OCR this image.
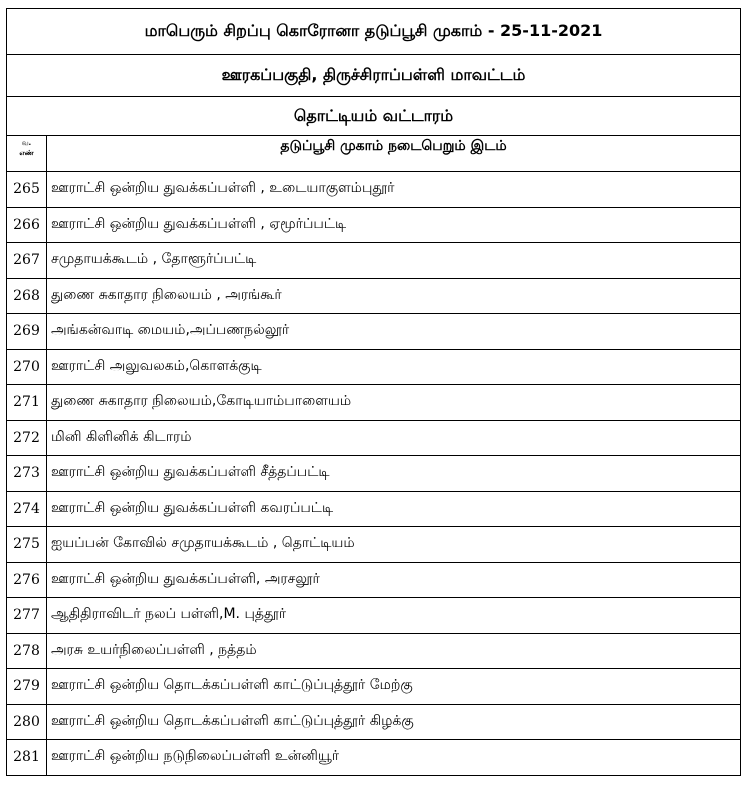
மாபெரும் சிறப்பு கொரோனா தடுப்பூசி முகாம் - 25-11-2021	
ஊரகப்பகுதி, திருச்சிராப்பள்ளி மாவட்டம்	
தொட்டியம் வட்டாரம்	

வ.
எண்	தடுப்பூசி முகாம் நடைபெறும் இடம்
265	ஊராட்சி ஒன்றிய துவக்கப்பள்ளி , உடையாகுளம்புதூர்
266	ஊராட்சி ஒன்றிய துவக்கப்பள்ளி , ஏமூர்ப்பட்டி
267	சமுதாயக்கூடம் , தோளூர்ப்பட்டி
268	துணை சுகாதார நிலையம் , அரங்கூர்
269	அங்கன்வாடி மையம்,அப்பணநல்லூர்
270	ஊராட்சி அலுவலகம்,கொளக்குடி
271	துணை சுகாதார நிலையம்,கோடியாம்பாளையம்
272	மினி கிளினிக் கிடாரம்
273	ஊராட்சி ஒன்றிய துவக்கப்பள்ளி சீத்தப்பட்டி
274	ஊராட்சி ஒன்றிய துவக்கப்பள்ளி கவரப்பட்டி
275	ஐயப்பன் கோவில் சமுதாயக்கூடம் , தொட்டியம்
276	ஊராட்சி ஒன்றிய துவக்கப்பள்ளி, அரசலூர்
277	ஆதிதிராவிடர் நலப் பள்ளி,M. புத்தூர்
278	அரசு உயர்நிலைப்பள்ளி , நத்தம்
279	ஊராட்சி ஒன்றிய தொடக்கப்பள்ளி காட்டுப்புத்தூர் மேற்கு
280	ஊராட்சி ஒன்றிய தொடக்கப்பள்ளி காட்டுப்புத்தூர் கிழக்கு
281	ஊராட்சி ஒன்றிய நடுநிலைப்பள்ளி உன்னியூர்
